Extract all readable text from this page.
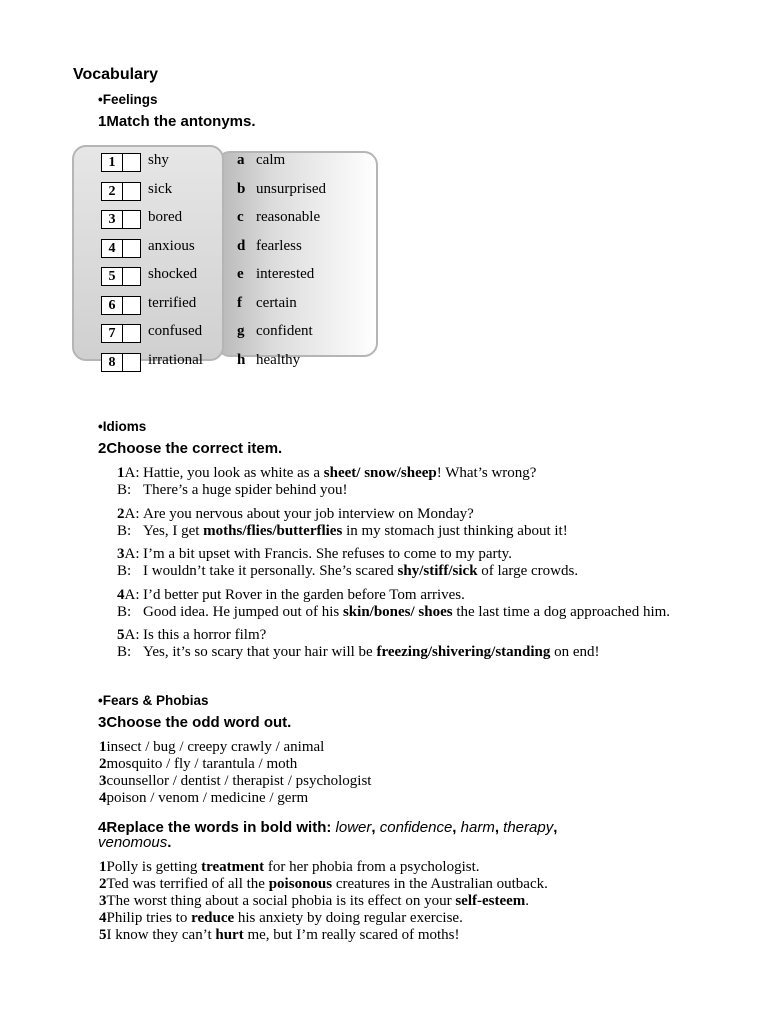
Vocabulary
•Feelings
1Match the antonyms.
1	shy	a calm
2	sick	b unsurprised
3	bored	c reasonable
4	anxious	d fearless
5	shocked	e interested
6	terrified	f certain
7	confused g confident
8	irrational h healthy
•Idioms
2Choose the correct item.
1A: Hattie, you look as white as a sheet/ snow/sheep! What’s wrong?
B: There’s a huge spider behind you!
2A: Are you nervous about your job interview on Monday?
B: Yes, I get moths/flies/butterflies in my stomach just thinking about it!
3A: I’m a bit upset with Francis. She refuses to come to my party.
B: I wouldn’t take it personally. She’s scared shy/stiff/sick of large crowds.
4A: I’d better put Rover in the garden before Tom arrives.
B: Good idea. He jumped out of his skin/bones/ shoes the last time a dog approached him.
5A: Is this a horror film?
B: Yes, it’s so scary that your hair will be freezing/shivering/standing on end!
•Fears & Phobias
3Choose the odd word out.
1insect / bug / creepy crawly / animal
2mosquito / fly / tarantula / moth
3counsellor / dentist / therapist / psychologist
4poison / venom / medicine / germ
4Replace the words in bold with: lower, confidence, harm, therapy,
venomous.
1Polly is getting treatment for her phobia from a psychologist.
2Ted was terrified of all the poisonous creatures in the Australian outback.
3The worst thing about a social phobia is its effect on your self-esteem.
4Philip tries to reduce his anxiety by doing regular exercise.
5I know they can’t hurt me, but I’m really scared of moths!
